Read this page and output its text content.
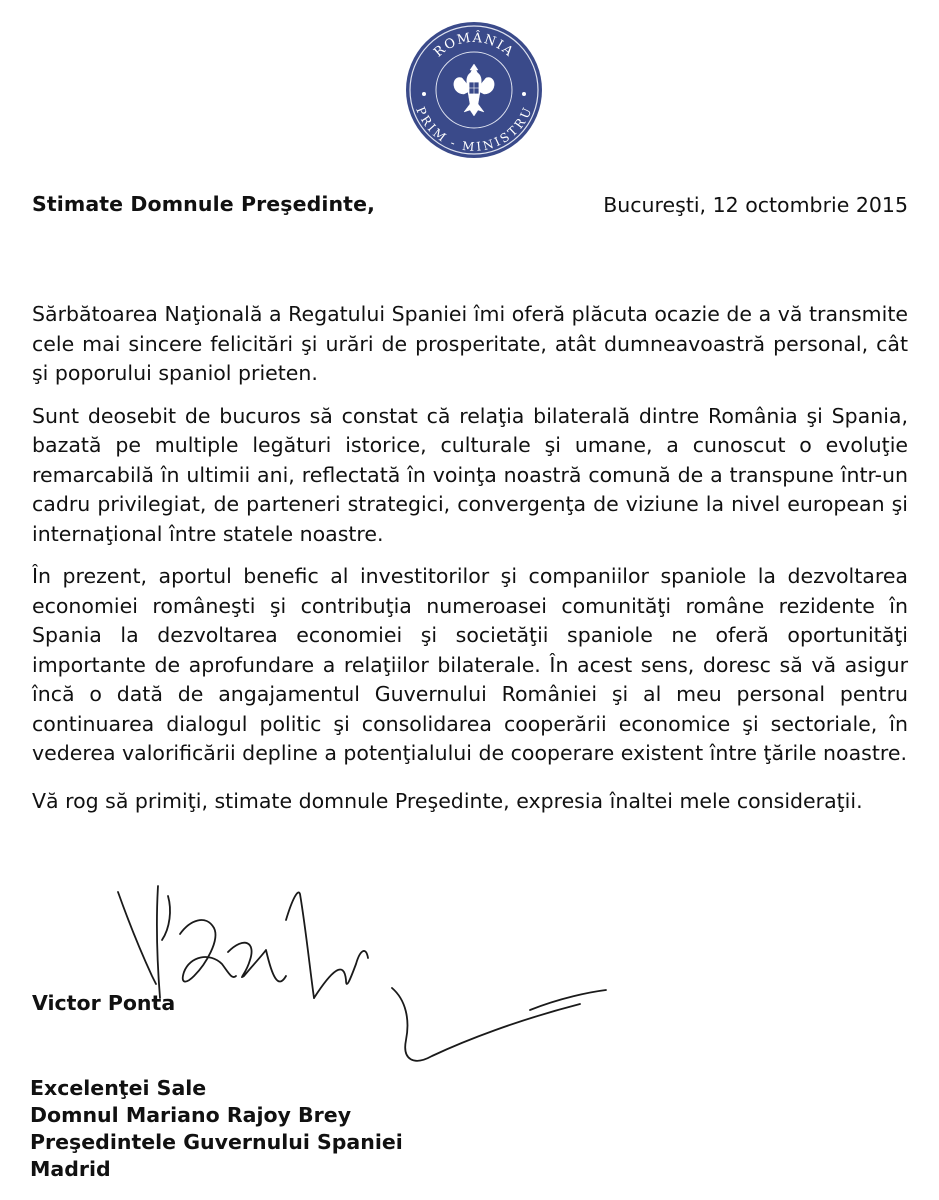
ROMÂNIA
PRIM - MINISTRU
Stimate Domnule Preşedinte,	Bucureşti, 12 octombrie 2015

Sărbătoarea Naţională a Regatului Spaniei îmi oferă plăcuta ocazie de a vă transmite cele mai sincere felicitări şi urări de prosperitate, atât dumneavoastră personal, cât şi poporului spaniol prieten.

Sunt deosebit de bucuros să constat că relaţia bilaterală dintre România şi Spania, bazată pe multiple legături istorice, culturale şi umane, a cunoscut o evoluţie remarcabilă în ultimii ani, reflectată în voinţa noastră comună de a transpune într-un cadru privilegiat, de parteneri strategici, convergenţa de viziune la nivel european şi internaţional între statele noastre.

În prezent, aportul benefic al investitorilor şi companiilor spaniole la dezvoltarea economiei româneşti şi contribuţia numeroasei comunităţi române rezidente în Spania la dezvoltarea economiei şi societăţii spaniole ne oferă oportunităţi importante de aprofundare a relaţiilor bilaterale. În acest sens, doresc să vă asigur încă o dată de angajamentul Guvernului României şi al meu personal pentru continuarea dialogul politic şi consolidarea cooperării economice şi sectoriale, în vederea valorificării depline a potenţialului de cooperare existent între ţările noastre.

Vă rog să primiţi, stimate domnule Preşedinte, expresia înaltei mele consideraţii.

Victor Ponta
Excelenţei Sale
Domnul Mariano Rajoy Brey
Preşedintele Guvernului Spaniei
Madrid
